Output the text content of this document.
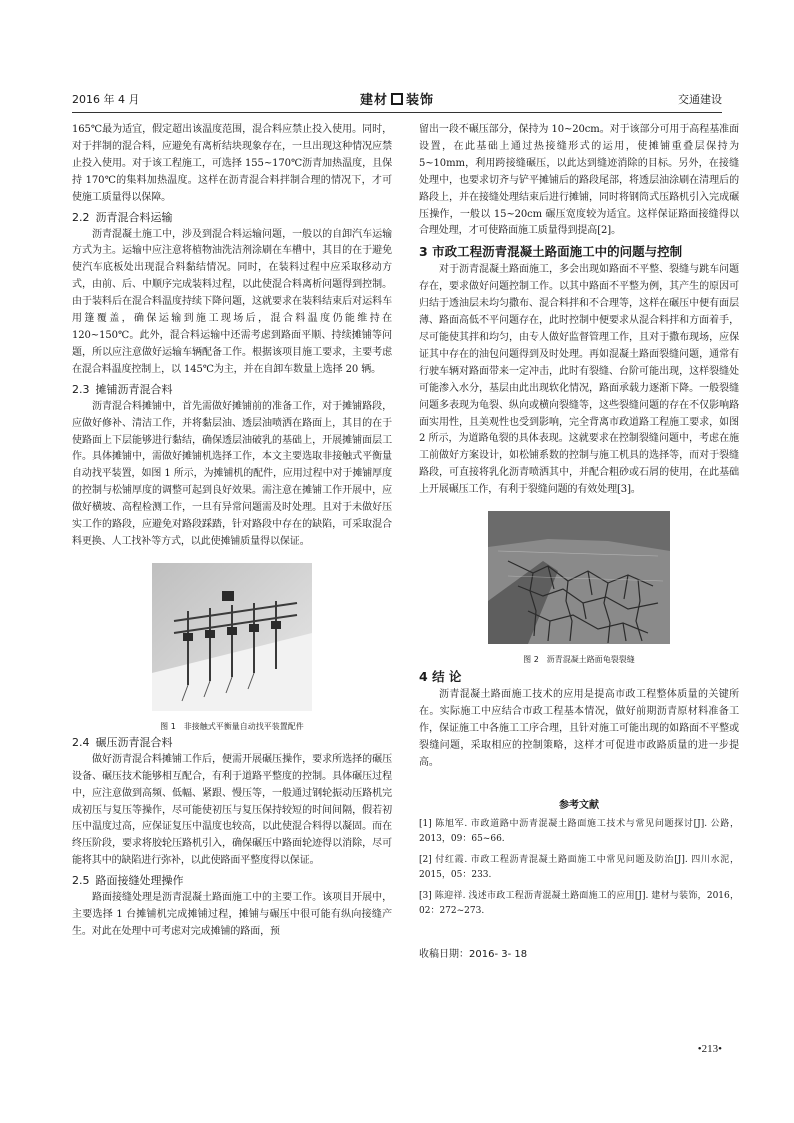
2016 年 4 月	建材 装饰	交通建设

165℃最为适宜，假定超出该温度范围，混合料应禁止投入使用。同时，对于拌制的混合料，应避免有离析结块现象存在，一旦出现这种情况应禁止投入使用。对于该工程施工，可选择 155~170℃沥青加热温度，且保持 170℃的集料加热温度。这样在沥青混合料拌制合理的情况下，才可使施工质量得以保障。

2.2 沥青混合料运输

沥青混凝土施工中，涉及到混合料运输问题，一般以的自卸汽车运输方式为主。运输中应注意将植物油洗洁剂涂刷在车槽中，其目的在于避免使汽车底板处出现混合料黏结情况。同时，在装料过程中应采取移动方式，由前、后、中顺序完成装料过程，以此使混合料离析问题得到控制。由于装料后在混合料温度持续下降问题，这就要求在装料结束后对运料车用篷覆盖，确保运输到施工现场后，混合料温度仍能维持在 120~150℃。此外，混合料运输中还需考虑到路面平顺、持续摊铺等问题，所以应注意做好运输车辆配备工作。根据该项目施工要求，主要考虑在混合料温度控制上，以 145℃为主，并在自卸车数量上选择 20 辆。

2.3 摊铺沥青混合料

沥青混合料摊铺中，首先需做好摊铺前的准备工作，对于摊铺路段，应做好修补、清洁工作，并将黏层油、透层油喷洒在路面上，其目的在于使路面上下层能够进行黏结，确保透层油破乳的基础上，开展摊铺面层工作。具体摊铺中，需做好摊铺机选择工作，本文主要选取非接触式平衡量自动找平装置，如图 1 所示，为摊铺机的配件，应用过程中对于摊铺厚度的控制与松铺厚度的调整可起到良好效果。需注意在摊铺工作开展中，应做好横坡、高程检测工作，一旦有异常问题需及时处理。且对于未做好压实工作的路段，应避免对路段踩踏，针对路段中存在的缺陷，可采取混合料更换、人工找补等方式，以此使摊铺质量得以保证。

图 1　非接触式平衡量自动找平装置配件
2.4 碾压沥青混合料

做好沥青混合料摊铺工作后，便需开展碾压操作，要求所选择的碾压设备、碾压技术能够相互配合，有利于道路平整度的控制。具体碾压过程中，应注意做到高频、低幅、紧跟、慢压等，一般通过钢轮振动压路机完成初压与复压等操作，尽可能使初压与复压保持较短的时间间隔，假若初压中温度过高，应保证复压中温度也较高，以此使混合料得以凝固。而在终压阶段，要求将胶轮压路机引入，确保碾压中路面轮迹得以消除，尽可能将其中的缺陷进行弥补，以此使路面平整度得以保证。

2.5 路面接缝处理操作

路面接缝处理是沥青混凝土路面施工中的主要工作。该项目开展中，主要选择 1 台摊铺机完成摊铺过程，摊铺与碾压中很可能有纵向接缝产生。对此在处理中可考虑对完成摊铺的路面，预

留出一段不碾压部分，保持为 10~20cm。对于该部分可用于高程基准面设置，在此基础上通过热接缝形式的运用，使摊铺重叠层保持为 5~10mm，利用跨接缝碾压，以此达到缝迹消除的目标。另外，在接缝处理中，也要求切齐与铲平摊铺后的路段尾部，将透层油涂刷在清理后的路段上，并在接缝处理结束后进行摊铺，同时将钢筒式压路机引入完成碾压操作，一般以 15~20cm 碾压宽度较为适宜。这样保证路面接缝得以合理处理，才可使路面施工质量得到提高[2]。

3 市政工程沥青混凝土路面施工中的问题与控制

对于沥青混凝土路面施工，多会出现如路面不平整、裂缝与跳车问题存在，要求做好问题控制工作。以其中路面不平整为例，其产生的原因可归结于透油层未均匀撒布、混合料拌和不合理等，这样在碾压中便有面层薄、路面高低不平问题存在，此时控制中便要求从混合料拌和方面着手，尽可能使其拌和均匀，由专人做好监督管理工作，且对于撒布现场，应保证其中存在的油包问题得到及时处理。再如混凝土路面裂缝问题，通常有行驶车辆对路面带来一定冲击，此时有裂缝、台阶可能出现，这样裂缝处可能渗入水分，基层由此出现软化情况，路面承载力逐渐下降。一般裂缝问题多表现为龟裂、纵向或横向裂缝等，这些裂缝问题的存在不仅影响路面实用性，且美观性也受到影响，完全背离市政道路工程施工要求，如图 2 所示，为道路龟裂的具体表现。这就要求在控制裂缝问题中，考虑在施工前做好方案设计，如松铺系数的控制与施工机具的选择等，而对于裂缝路段，可直接将乳化沥青喷洒其中，并配合粗砂或石屑的使用，在此基础上开展碾压工作，有利于裂缝问题的有效处理[3]。

图 2　沥青混凝土路面龟裂裂缝
4 结 论

沥青混凝土路面施工技术的应用是提高市政工程整体质量的关键所在。实际施工中应结合市政工程基本情况，做好前期沥青原材料准备工作，保证施工中各施工工序合理，且针对施工可能出现的如路面不平整或裂缝问题，采取相应的控制策略，这样才可促进市政路质量的进一步提高。

参考文献
[1] 陈旭军. 市政道路中沥青混凝土路面施工技术与常见问题探讨[J]. 公路，2013，09：65~66.
[2] 付红霞. 市政工程沥青混凝土路面施工中常见问题及防治[J]. 四川水泥，2015，05：233.
[3] 陈迎祥. 浅述市政工程沥青混凝土路面施工的应用[J]. 建材与装饰，2016，02：272~273.
收稿日期：2016- 3- 18
•213•
